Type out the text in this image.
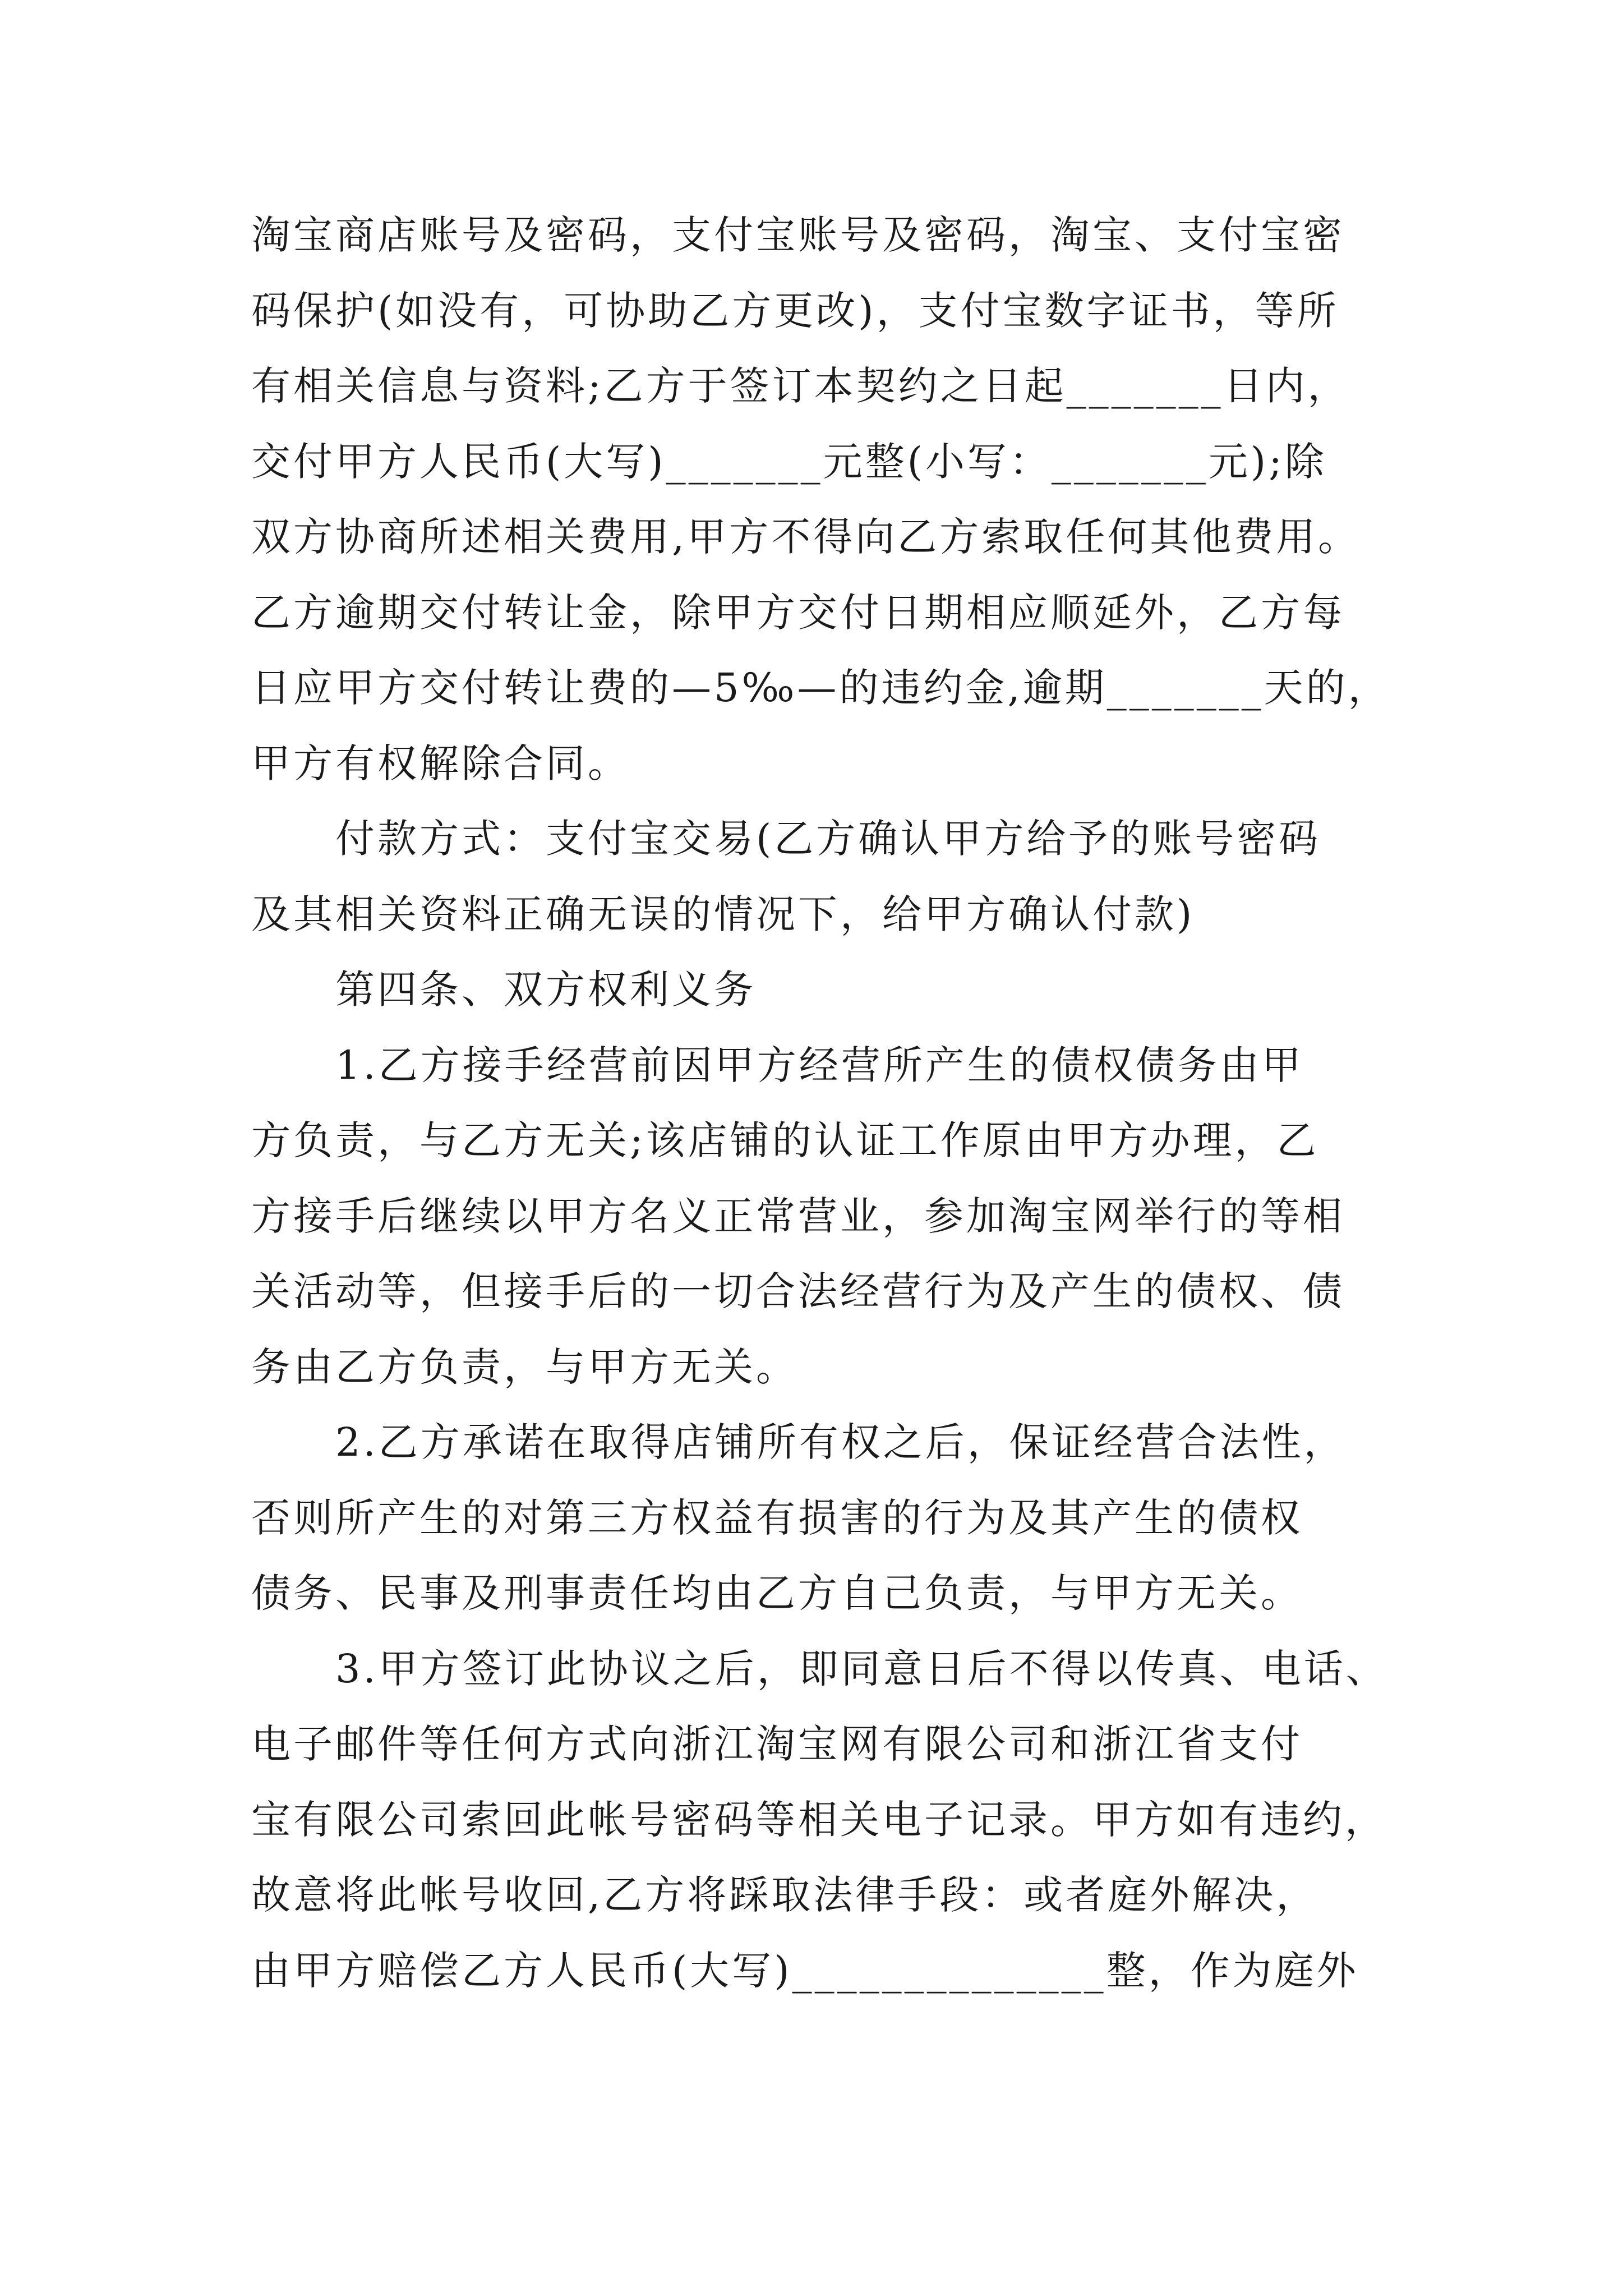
淘宝商店账号及密码，支付宝账号及密码，淘宝、支付宝密
码保护(如没有，可协助乙方更改)，支付宝数字证书，等所
有相关信息与资料;乙方于签订本契约之日起_______日内，
交付甲方人民币(大写)_______元整(小写：_______元);除
双方协商所述相关费用,甲方不得向乙方索取任何其他费用。
乙方逾期交付转让金，除甲方交付日期相应顺延外，乙方每
日应甲方交付转让费的—5‰—的违约金,逾期_______天的，
甲方有权解除合同。

付款方式：支付宝交易(乙方确认甲方给予的账号密码
及其相关资料正确无误的情况下，给甲方确认付款)

第四条、双方权利义务

1.乙方接手经营前因甲方经营所产生的债权债务由甲
方负责，与乙方无关;该店铺的认证工作原由甲方办理，乙
方接手后继续以甲方名义正常营业，参加淘宝网举行的等相
关活动等，但接手后的一切合法经营行为及产生的债权、债
务由乙方负责，与甲方无关。

2.乙方承诺在取得店铺所有权之后，保证经营合法性，
否则所产生的对第三方权益有损害的行为及其产生的债权
债务、民事及刑事责任均由乙方自己负责，与甲方无关。

3.甲方签订此协议之后，即同意日后不得以传真、电话、
电子邮件等任何方式向浙江淘宝网有限公司和浙江省支付
宝有限公司索回此帐号密码等相关电子记录。甲方如有违约，
故意将此帐号收回,乙方将踩取法律手段：或者庭外解决，
由甲方赔偿乙方人民币(大写)______________整，作为庭外
